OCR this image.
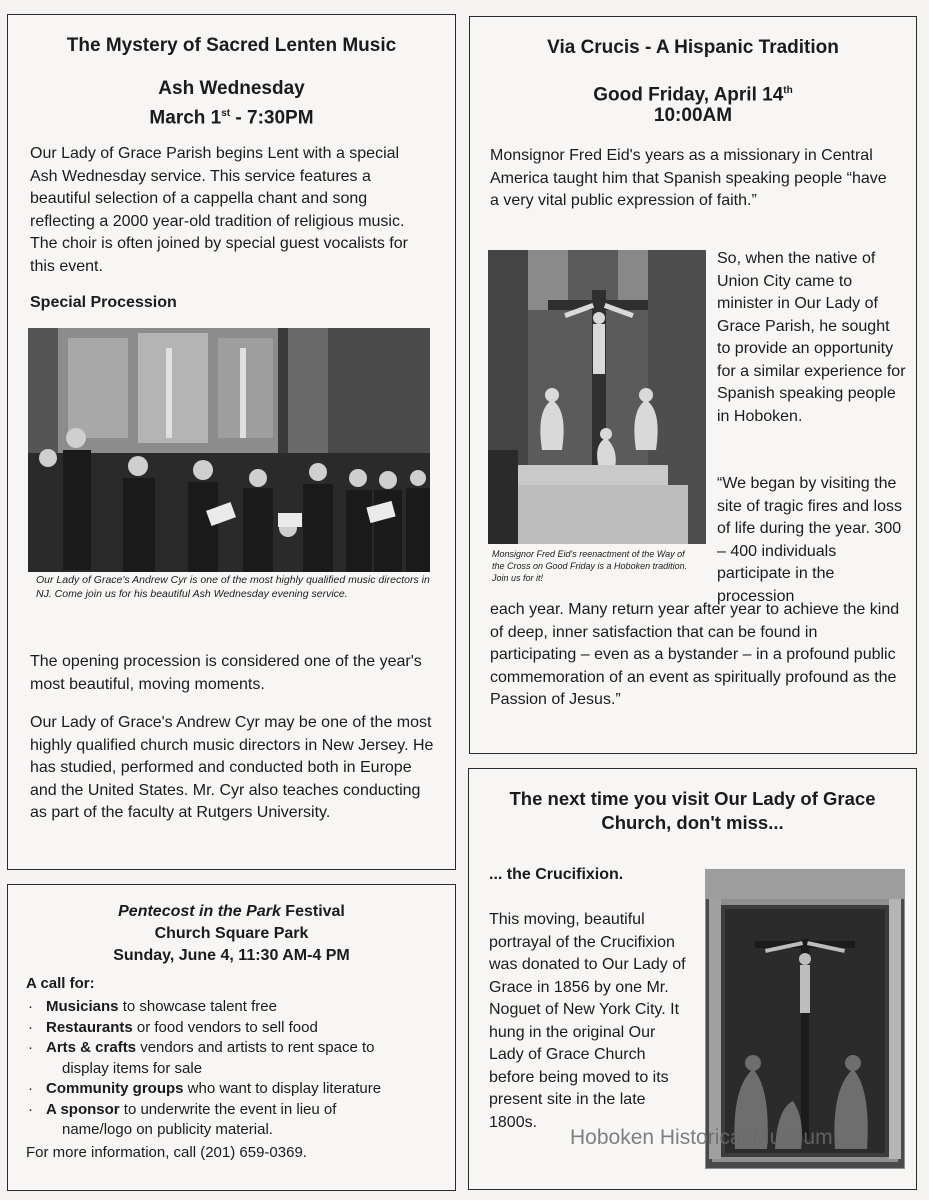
The Mystery of Sacred Lenten Music
Ash Wednesday
March 1st - 7:30PM
Our Lady of Grace Parish begins Lent with a special Ash Wednesday service. This service features a beautiful selection of a cappella chant and song reflecting a 2000 year-old tradition of religious music. The choir is often joined by special guest vocalists for this event.
Special Procession
Our Lady of Grace's Andrew Cyr is one of the most highly qualified music directors in NJ. Come join us for his beautiful Ash Wednesday evening service.
The opening procession is considered one of the year's most beautiful, moving moments.
Our Lady of Grace's Andrew Cyr may be one of the most highly qualified church music directors in New Jersey. He has studied, performed and conducted both in Europe and the United States. Mr. Cyr also teaches conducting as part of the faculty at Rutgers University.
Pentecost in the Park Festival
Church Square Park
Sunday, June 4, 11:30 AM-4 PM
A call for:
· Musicians to showcase talent free
· Restaurants or food vendors to sell food
· Arts & crafts vendors and artists to rent space to
display items for sale
· Community groups who want to display literature
· A sponsor to underwrite the event in lieu of
name/logo on publicity material.
For more information, call (201) 659-0369.
Via Crucis - A Hispanic Tradition
Good Friday, April 14th
10:00AM
Monsignor Fred Eid's years as a missionary in Central America taught him that Spanish speaking people “have a very vital public expression of faith.”
Monsignor Fred Eid's reenactment of the Way of the Cross on Good Friday is a Hoboken tradition. Join us for it!
So, when the native of Union City came to minister in Our Lady of Grace Parish, he sought to provide an opportunity for a similar experience for Spanish speaking people in Hoboken.
“We began by visiting the site of tragic fires and loss of life during the year. 300 – 400 individuals participate in the procession
each year. Many return year after year to achieve the kind of deep, inner satisfaction that can be found in participating – even as a bystander – in a profound public commemoration of an event as spiritually profound as the Passion of Jesus.”
The next time you visit Our Lady of Grace Church, don't miss...
... the Crucifixion.
This moving, beautiful portrayal of the Crucifixion was donated to Our Lady of Grace in 1856 by one Mr. Noguet of New York City. It hung in the original Our Lady of Grace Church before being moved to its present site in the late 1800s.
Hoboken Historical Museum
